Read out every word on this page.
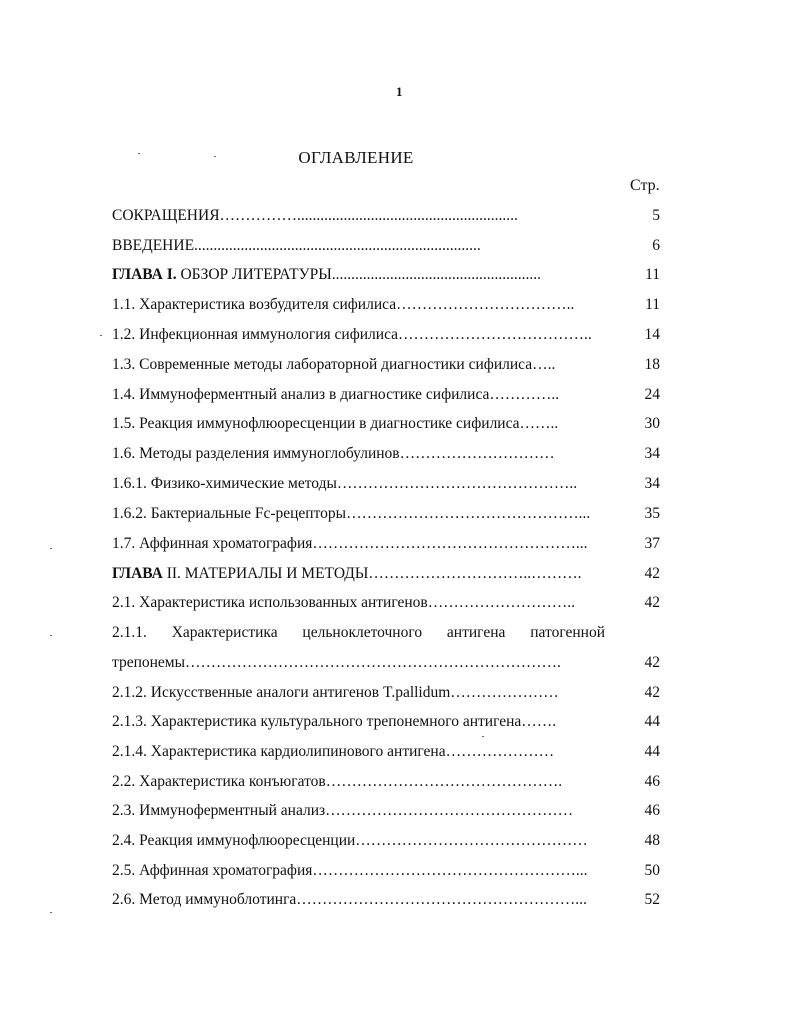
1
ОГЛАВЛЕНИЕ
Стр.
СОКРАЩЕНИЯ…………….........................................................	5
ВВЕДЕНИЕ..........................................................................	6
ГЛАВА I. ОБЗОР ЛИТЕРАТУРЫ......................................................	11
1.1. Характеристика возбудителя сифилиса……………………………..	11
1.2. Инфекционная иммунология сифилиса………………………………..	14
1.3. Современные методы лабораторной диагностики сифилиса…..	18
1.4. Иммуноферментный анализ в диагностике сифилиса…………..	24
1.5. Реакция иммунофлюоресценции в диагностике сифилиса……..	30
1.6. Методы разделения иммуноглобулинов…………………………	34
1.6.1. Физико-химические методы………………………………………..	34
1.6.2. Бактериальные Fc-рецепторы………………………………………...	35
1.7. Аффинная хроматография……………………………………………...	37
ГЛАВА II. МАТЕРИАЛЫ И МЕТОДЫ…………………………..……….	42
2.1. Характеристика использованных антигенов………………………..	42
2.1.1. Характеристика цельноклеточного антигена патогенной
трепонемы……………………………………………………………….	42
2.1.2. Искусственные аналоги антигенов T.pallidum…………………	42
2.1.3. Характеристика культурального трепонемного антигена…….	44
2.1.4. Характеристика кардиолипинового антигена…………………	44
2.2. Характеристика конъюгатов……………………………………….	46
2.3. Иммуноферментный анализ…………………………………………	46
2.4. Реакция иммунофлюоресценции………………………………………	48
2.5. Аффинная хроматография……………………………………………...	50
2.6. Метод иммуноблотинга………………………………………………...	52
